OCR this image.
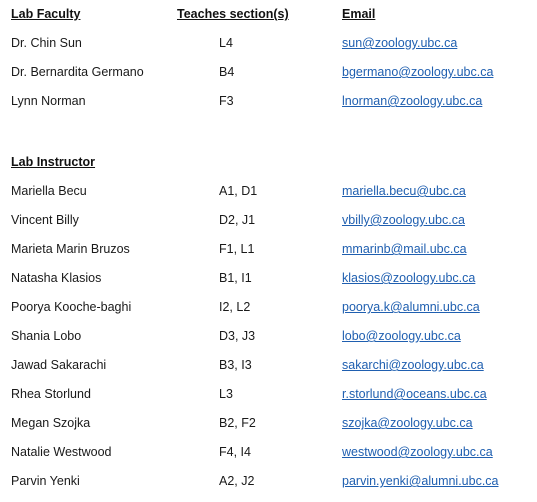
Lab Faculty	Teaches section(s)	Email
Dr. Chin Sun	L4	sun@zoology.ubc.ca
Dr. Bernardita Germano	B4	bgermano@zoology.ubc.ca
Lynn Norman	F3	lnorman@zoology.ubc.ca
Lab Instructor
Mariella Becu	A1, D1	mariella.becu@ubc.ca
Vincent Billy	D2, J1	vbilly@zoology.ubc.ca
Marieta Marin Bruzos	F1, L1	mmarinb@mail.ubc.ca
Natasha Klasios	B1, I1	klasios@zoology.ubc.ca
Poorya Kooche-baghi	I2, L2	poorya.k@alumni.ubc.ca
Shania Lobo	D3, J3	lobo@zoology.ubc.ca
Jawad Sakarachi	B3, I3	sakarchi@zoology.ubc.ca
Rhea Storlund	L3	r.storlund@oceans.ubc.ca
Megan Szojka	B2, F2	szojka@zoology.ubc.ca
Natalie Westwood	F4, I4	westwood@zoology.ubc.ca
Parvin Yenki	A2, J2	parvin.yenki@alumni.ubc.ca
